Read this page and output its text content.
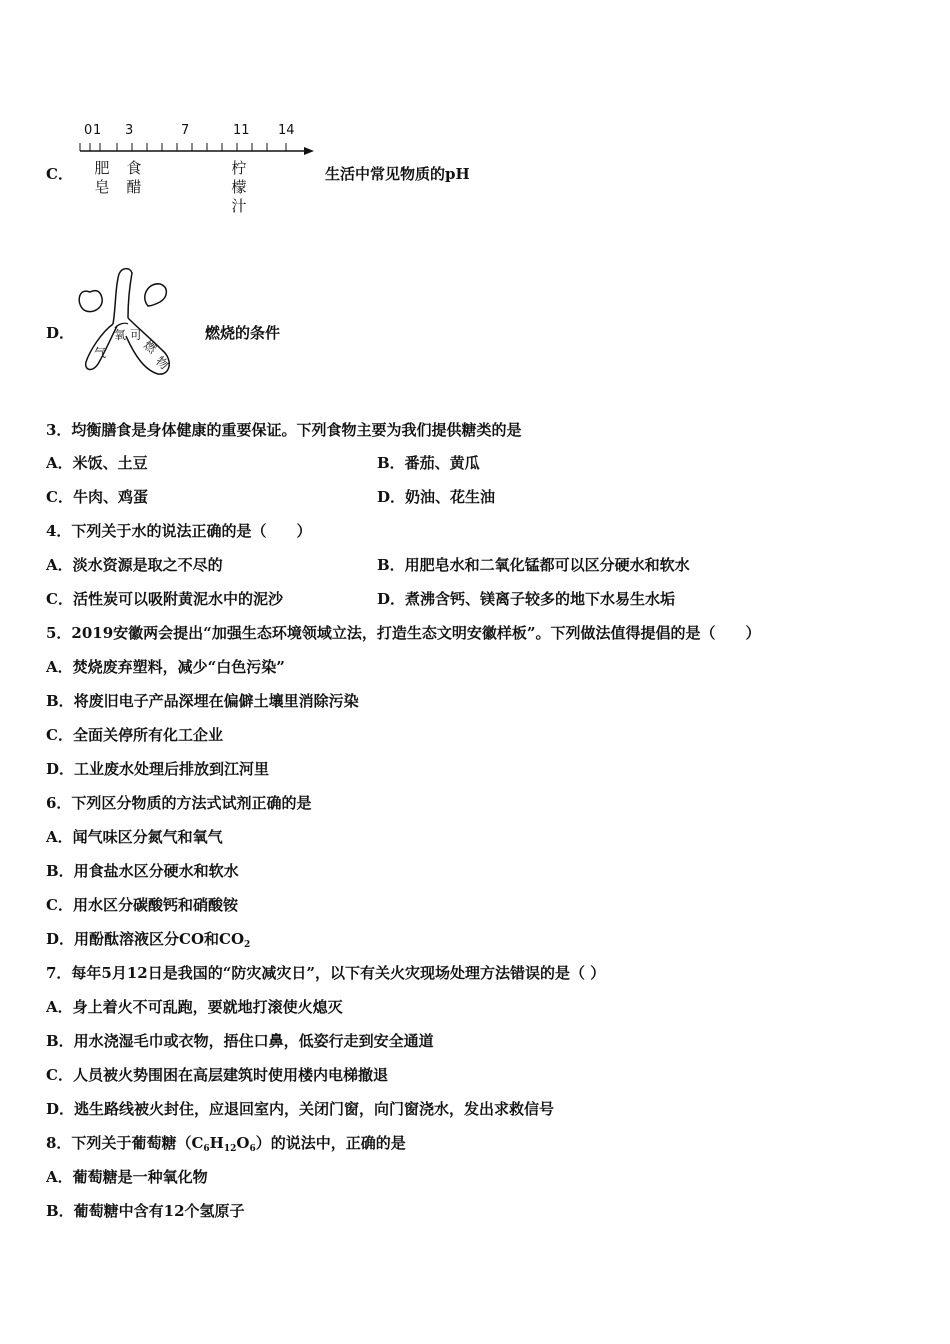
C．
0 1 3	7	11 14
肥
皂
食
醋
柠
檬
汁
生活中常见物质的pH
D．	氧
气
可
燃
物
燃烧的条件
3．均衡膳食是身体健康的重要保证。下列食物主要为我们提供糖类的是
A．米饭、土豆	B．番茄、黄瓜
C．牛肉、鸡蛋	D．奶油、花生油
4．下列关于水的说法正确的是（　　）
A．淡水资源是取之不尽的	B．用肥皂水和二氧化锰都可以区分硬水和软水
C．活性炭可以吸附黄泥水中的泥沙	D．煮沸含钙、镁离子较多的地下水易生水垢
5．2019安徽两会提出“加强生态环境领域立法，打造生态文明安徽样板”。下列做法值得提倡的是（　　）
A．焚烧废弃塑料，减少“白色污染”
B．将废旧电子产品深埋在偏僻土壤里消除污染
C．全面关停所有化工企业
D．工业废水处理后排放到江河里
6．下列区分物质的方法式试剂正确的是
A．闻气味区分氮气和氧气
B．用食盐水区分硬水和软水
C．用水区分碳酸钙和硝酸铵
D．用酚酞溶液区分CO和$CO_2$
7．每年5月12日是我国的“防灾减灾日”，以下有关火灾现场处理方法错误的是（ ）
A．身上着火不可乱跑，要就地打滚使火熄灭
B．用水浇湿毛巾或衣物，捂住口鼻，低姿行走到安全通道
C．人员被火势围困在高层建筑时使用楼内电梯撤退
D．逃生路线被火封住，应退回室内，关闭门窗，向门窗浇水，发出求救信号
8．下列关于葡萄糖$(C_6H_{12}O_6)$的说法中，正确的是
A．葡萄糖是一种氧化物
B．葡萄糖中含有12个氢原子
